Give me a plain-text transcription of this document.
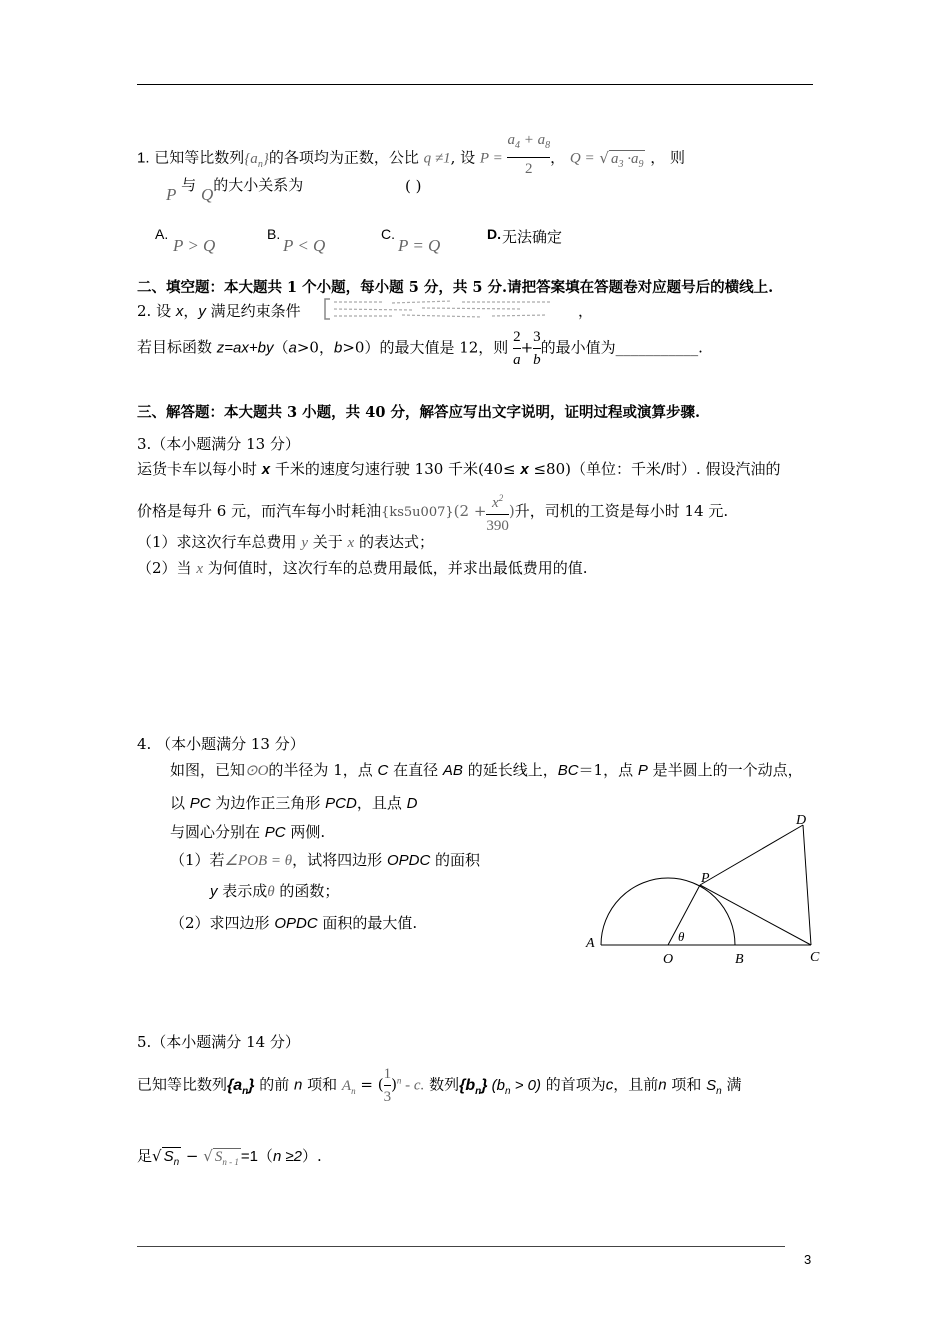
1. 已知等比数列$\{a_n\}$的各项均为正数，公比 q ≠1, 设 $P = \frac{a_4 + a_8}{2}$ ， Q = √ $a_3 \cdot a_9$ ， 则
P 与 Q的大小关系为	( )
A.
P > Q
B.
P < Q
C.
P = Q
D. 无法确定
二、填空题：本大题共 1 个小题，每小题 5 分，共 5 分.请把答案填在答题卷对应题号后的横线上.
2. 设 x，y 满足约束条件	，
若目标函数 z=ax+by（a>0，b>0）的最大值是 12，则 $\frac{2}{a} + \frac{3}{b}$ 的最小值为___________.
三、解答题：本大题共 3 小题，共 40 分，解答应写出文字说明，证明过程或演算步骤.
3.（本小题满分 13 分）
运货卡车以每小时 x 千米的速度匀速行驶 130 千米(40≤ x ≤80)（单位：千米/时）. 假设汽油的
价格是每升 6 元，而汽车每小时耗油$\{ks5u007\}(2 + \frac{x^2}{390}$ )升，司机的工资是每小时 14 元.
（1）求这次行车总费用 y 关于 x 的表达式；
（2）当 x 为何值时，这次行车的总费用最低，并求出最低费用的值.
4. （本小题满分 13 分）
如图，已知⊙O的半径为 1，点 C 在直径 AB 的延长线上，BC＝1，点 P 是半圆上的一个动点，
以 PC 为边作正三角形 PCD，且点 D
与圆心分别在 PC 两侧.
（1）若∠POB = θ，试将四边形 OPDC 的面积
y 表示成θ 的函数；
（2）求四边形 OPDC 面积的最大值.
A
O	B	C
P
D
θ
5.（本小题满分 14 分）
已知等比数列$\{a_n\}$ 的前 n 项和 $A_n$ = ( $\frac{1}{3} )^n$ - c. 数列$\{b_n\} (b_n > 0)$ 的首项为c，且前n 项和 $S_n$ 满
足√ $S_n$ − √ $S_{n - 1} =1(n \ge 2)$.
3
